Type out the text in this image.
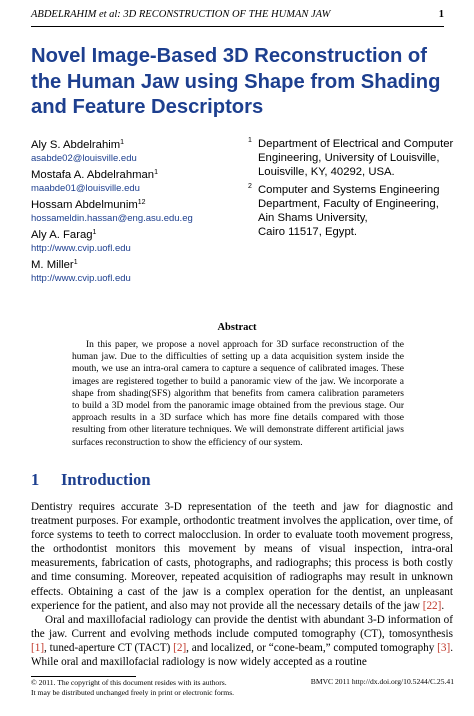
ABDELRAHIM et al: 3D RECONSTRUCTION OF THE HUMAN JAW	1
Novel Image-Based 3D Reconstruction of the Human Jaw using Shape from Shading and Feature Descriptors
Aly S. Abdelrahim$^1$
asabde02@louisville.edu
Mostafa A. Abdelrahman$^1$
maabde01@louisville.edu
Hossam Abdelmunim$^{12}$
hossameldin.hassan@eng.asu.edu.eg
Aly A. Farag$^1$
http://www.cvip.uofl.edu
M. Miller$^1$
http://www.cvip.uofl.edu
1 Department of Electrical and Computer
Engineering, University of Louisville,
Louisville, KY, 40292, USA.
2 Computer and Systems Engineering
Department, Faculty of Engineering,
Ain Shams University,
Cairo 11517, Egypt.
Abstract
In this paper, we propose a novel approach for 3D surface reconstruction of the human jaw. Due to the difficulties of setting up a data acquisition system inside the mouth, we use an intra-oral camera to capture a sequence of calibrated images. These images are registered together to build a panoramic view of the jaw. We incorporate a shape from shading(SFS) algorithm that benefits from camera calibration parameters to build a 3D model from the panoramic image obtained from the previous stage. Our approach results in a 3D surface which has more fine details compared with those resulting from other literature techniques. We will demonstrate different artificial jaws surfaces reconstruction to show the efficiency of our system.
1 Introduction

Dentistry requires accurate 3-D representation of the teeth and jaw for diagnostic and treatment purposes. For example, orthodontic treatment involves the application, over time, of force systems to teeth to correct malocclusion. In order to evaluate tooth movement progress, the orthodontist monitors this movement by means of visual inspection, intra-oral measurements, fabrication of casts, photographs, and radiographs; this process is both costly and time consuming. Moreover, repeated acquisition of radiographs may result in unknown effects. Obtaining a cast of the jaw is a complex operation for the dentist, an unpleasant experience for the patient, and also may not provide all the necessary details of the jaw [22].

Oral and maxillofacial radiology can provide the dentist with abundant 3-D information of the jaw. Current and evolving methods include computed tomography (CT), tomosynthesis [1], tuned-aperture CT (TACT) [2], and localized, or “cone-beam,” computed tomography [3]. While oral and maxillofacial radiology is now widely accepted as a routine

© 2011. The copyright of this document resides with its authors.
It may be distributed unchanged freely in print or electronic forms.
BMVC 2011 http://dx.doi.org/10.5244/C.25.41
